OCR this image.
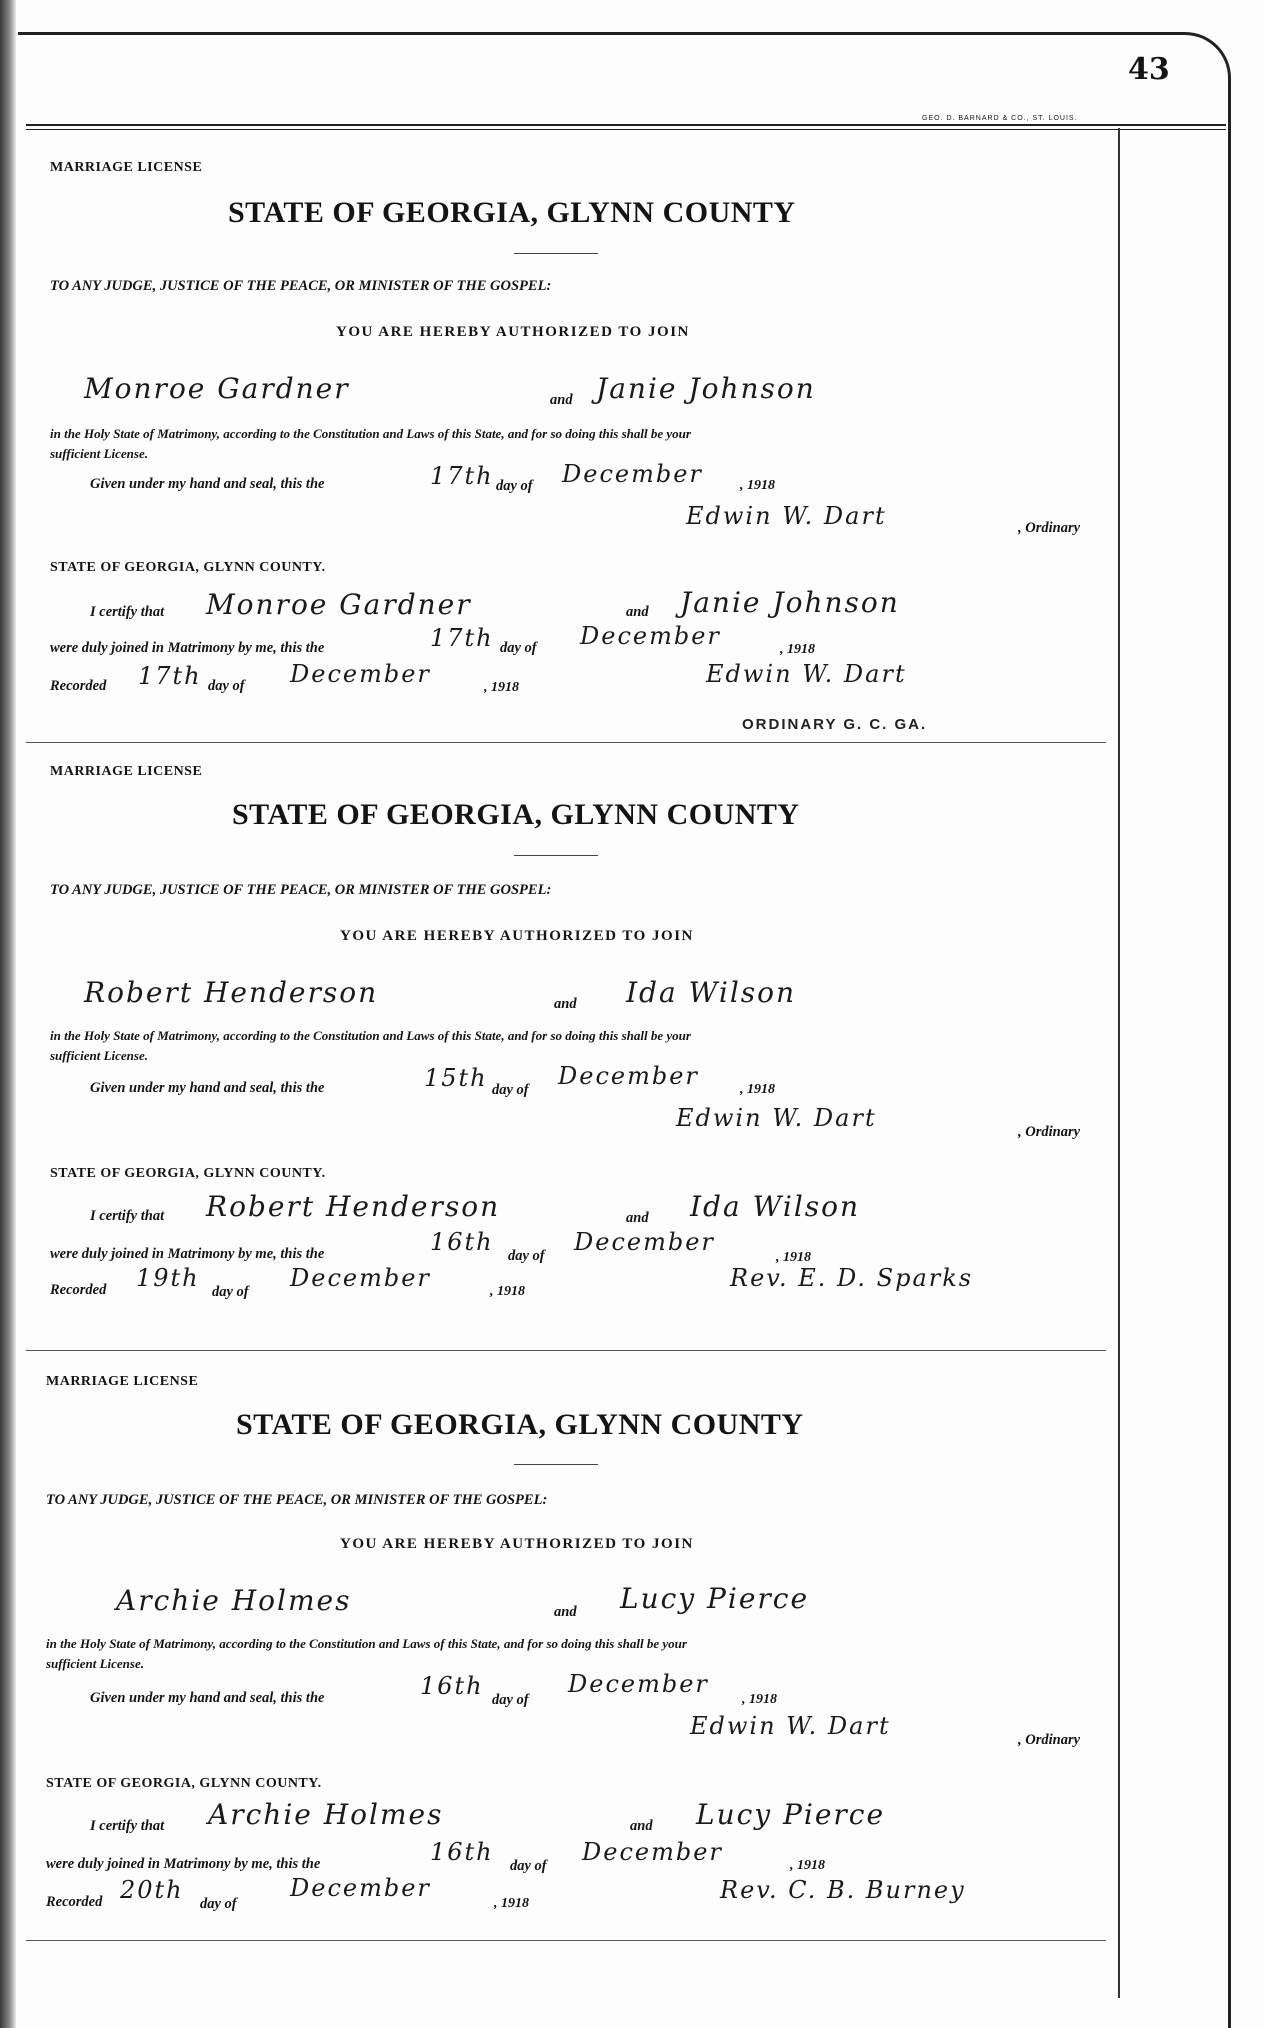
43
GEO. D. BARNARD & CO., ST. LOUIS.
MARRIAGE LICENSE
STATE OF GEORGIA, GLYNN COUNTY
TO ANY JUDGE, JUSTICE OF THE PEACE, OR MINISTER OF THE GOSPEL:
YOU ARE HEREBY AUTHORIZED TO JOIN
Monroe Gardner	and Janie Johnson
in the Holy State of Matrimony, according to the Constitution and Laws of this State, and for so doing this shall be your
sufficient License.
Given under my hand and seal, this the	17th day of December	, 1918
Edwin W. Dart	, Ordinary
STATE OF GEORGIA, GLYNN COUNTY.
I certify that Monroe Gardner	and Janie Johnson
were duly joined in Matrimony by me, this the	17th day of December	, 1918
Recorded 17th day of December	, 1918	Edwin W. Dart
ORDINARY G. C. GA.
MARRIAGE LICENSE
STATE OF GEORGIA, GLYNN COUNTY
TO ANY JUDGE, JUSTICE OF THE PEACE, OR MINISTER OF THE GOSPEL:
YOU ARE HEREBY AUTHORIZED TO JOIN
Robert Henderson	and Ida Wilson
in the Holy State of Matrimony, according to the Constitution and Laws of this State, and for so doing this shall be your
sufficient License.
Given under my hand and seal, this the	15th day of December	, 1918
Edwin W. Dart	, Ordinary
STATE OF GEORGIA, GLYNN COUNTY.
I certify that Robert Henderson	and Ida Wilson
were duly joined in Matrimony by me, this the	16th day of December
, 1918
Recorded 19th day of December	, 1918	Rev. E. D. Sparks
MARRIAGE LICENSE
STATE OF GEORGIA, GLYNN COUNTY
TO ANY JUDGE, JUSTICE OF THE PEACE, OR MINISTER OF THE GOSPEL:
YOU ARE HEREBY AUTHORIZED TO JOIN
Archie Holmes	and Lucy Pierce
in the Holy State of Matrimony, according to the Constitution and Laws of this State, and for so doing this shall be your
sufficient License.
Given under my hand and seal, this the	16th day of
December
, 1918
Edwin W. Dart	, Ordinary
STATE OF GEORGIA, GLYNN COUNTY.
I certify that Archie Holmes	and Lucy Pierce
were duly joined in Matrimony by me, this the	16th day of December	, 1918
Recorded 20th day of
December
, 1918	Rev. C. B. Burney
